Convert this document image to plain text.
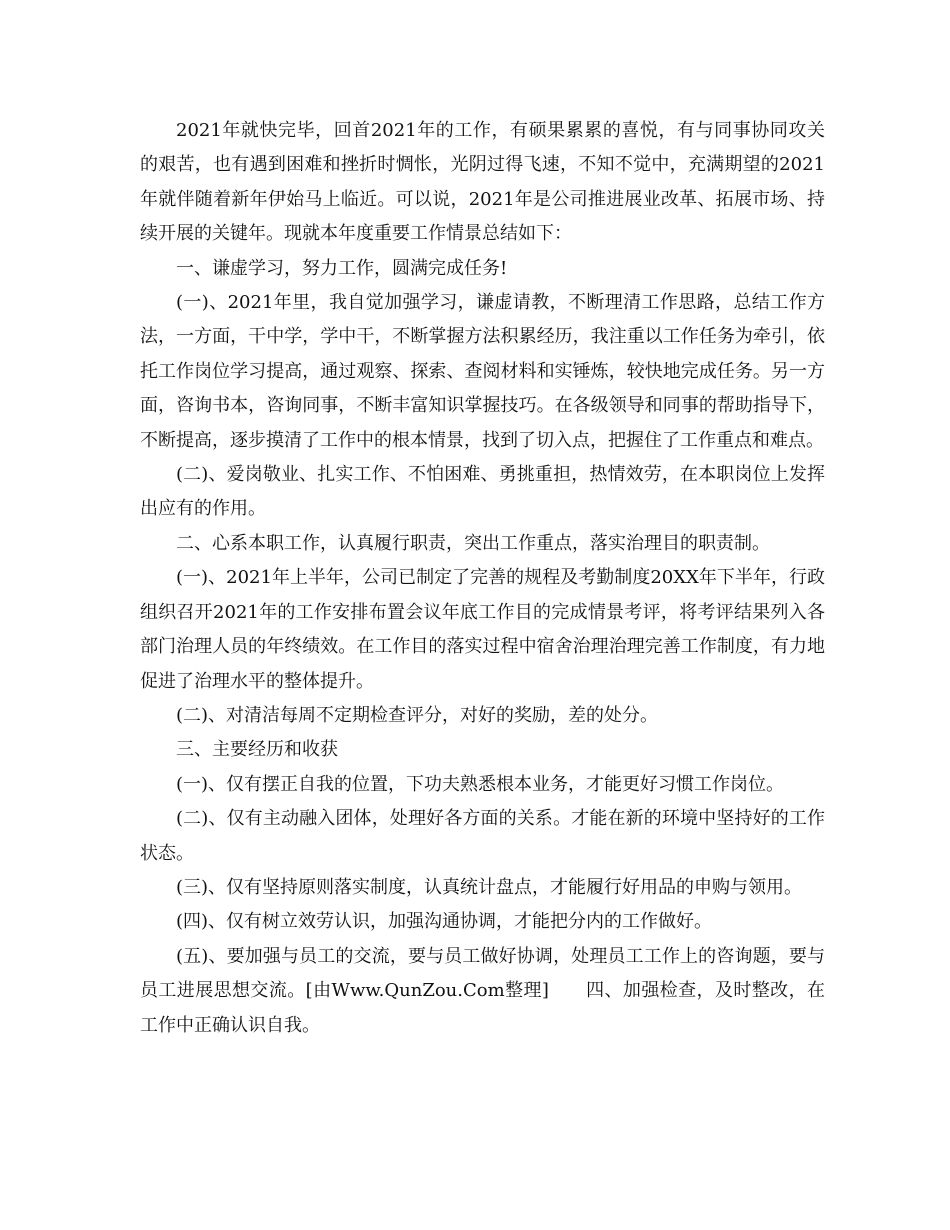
2021年就快完毕，回首2021年的工作，有硕果累累的喜悦，有与同事协同攻关的艰苦，也有遇到困难和挫折时惆怅，光阴过得飞速，不知不觉中，充满期望的2021年就伴随着新年伊始马上临近。可以说，2021年是公司推进展业改革、拓展市场、持续开展的关键年。现就本年度重要工作情景总结如下：

一、谦虚学习，努力工作，圆满完成任务!

(一)、2021年里，我自觉加强学习，谦虚请教，不断理清工作思路，总结工作方法，一方面，干中学，学中干，不断掌握方法积累经历，我注重以工作任务为牵引，依托工作岗位学习提高，通过观察、探索、查阅材料和实锤炼，较快地完成任务。另一方面，咨询书本，咨询同事，不断丰富知识掌握技巧。在各级领导和同事的帮助指导下，不断提高，逐步摸清了工作中的根本情景，找到了切入点，把握住了工作重点和难点。

(二)、爱岗敬业、扎实工作、不怕困难、勇挑重担，热情效劳，在本职岗位上发挥出应有的作用。

二、心系本职工作，认真履行职责，突出工作重点，落实治理目的职责制。

(一)、2021年上半年，公司已制定了完善的规程及考勤制度20XX年下半年，行政组织召开2021年的工作安排布置会议年底工作目的完成情景考评，将考评结果列入各部门治理人员的年终绩效。在工作目的落实过程中宿舍治理治理完善工作制度，有力地促进了治理水平的整体提升。

(二)、对清洁每周不定期检查评分，对好的奖励，差的处分。

三、主要经历和收获

(一)、仅有摆正自我的位置，下功夫熟悉根本业务，才能更好习惯工作岗位。

(二)、仅有主动融入团体，处理好各方面的关系。才能在新的环境中坚持好的工作状态。

(三)、仅有坚持原则落实制度，认真统计盘点，才能履行好用品的申购与领用。

(四)、仅有树立效劳认识，加强沟通协调，才能把分内的工作做好。

(五)、要加强与员工的交流，要与员工做好协调，处理员工工作上的咨询题，要与员工进展思想交流。[由Www.QunZou.Com整理]　　四、加强检查，及时整改，在工作中正确认识自我。
